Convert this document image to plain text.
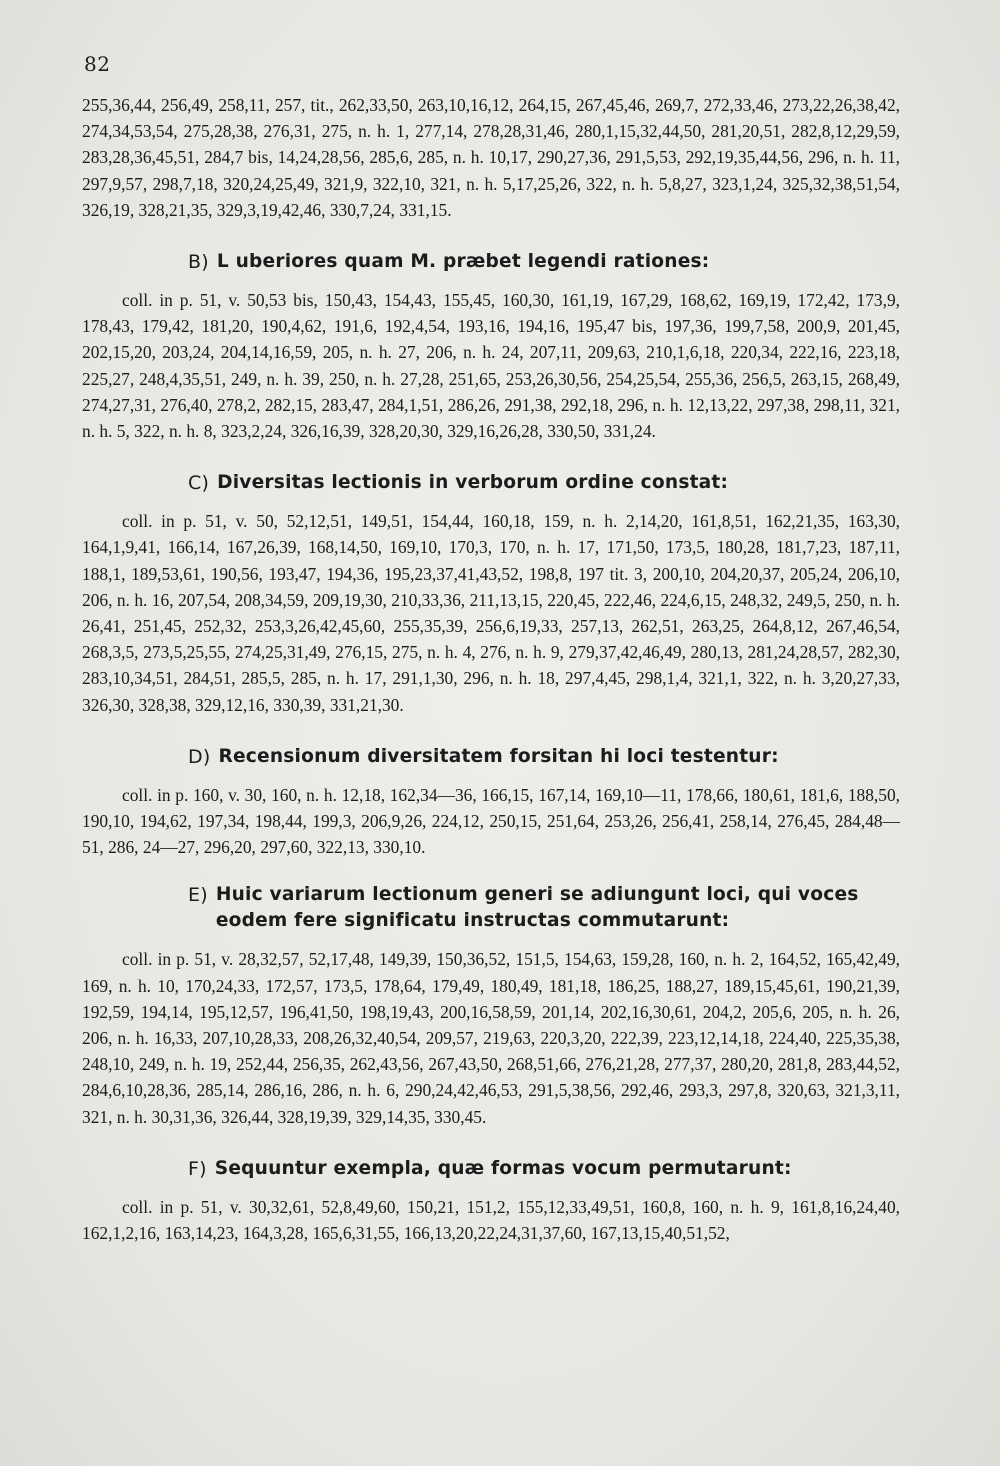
82

255,36,44, 256,49, 258,11, 257, tit., 262,33,50, 263,10,16,12, 264,15, 267,45,46, 269,7, 272,33,46, 273,22,26,38,42, 274,34,53,54, 275,28,38, 276,31, 275, n. h. 1, 277,14, 278,28,31,46, 280,1,15,32,44,50, 281,20,51, 282,8,12,29,59, 283,28,36,45,51, 284,7 bis, 14,24,28,56, 285,6, 285, n. h. 10,17, 290,27,36, 291,5,53, 292,19,35,44,56, 296, n. h. 11, 297,9,57, 298,7,18, 320,24,25,49, 321,9, 322,10, 321, n. h. 5,17,25,26, 322, n. h. 5,8,27, 323,1,24, 325,32,38,51,54, 326,19, 328,21,35, 329,3,19,42,46, 330,7,24, 331,15.

B) L uberiores quam M. præbet legendi rationes:

coll. in p. 51, v. 50,53 bis, 150,43, 154,43, 155,45, 160,30, 161,19, 167,29, 168,62, 169,19, 172,42, 173,9, 178,43, 179,42, 181,20, 190,4,62, 191,6, 192,4,54, 193,16, 194,16, 195,47 bis, 197,36, 199,7,58, 200,9, 201,45, 202,15,20, 203,24, 204,14,16,59, 205, n. h. 27, 206, n. h. 24, 207,11, 209,63, 210,1,6,18, 220,34, 222,16, 223,18, 225,27, 248,4,35,51, 249, n. h. 39, 250, n. h. 27,28, 251,65, 253,26,30,56, 254,25,54, 255,36, 256,5, 263,15, 268,49, 274,27,31, 276,40, 278,2, 282,15, 283,47, 284,1,51, 286,26, 291,38, 292,18, 296, n. h. 12,13,22, 297,38, 298,11, 321, n. h. 5, 322, n. h. 8, 323,2,24, 326,16,39, 328,20,30, 329,16,26,28, 330,50, 331,24.

C) Diversitas lectionis in verborum ordine constat:

coll. in p. 51, v. 50, 52,12,51, 149,51, 154,44, 160,18, 159, n. h. 2,14,20, 161,8,51, 162,21,35, 163,30, 164,1,9,41, 166,14, 167,26,39, 168,14,50, 169,10, 170,3, 170, n. h. 17, 171,50, 173,5, 180,28, 181,7,23, 187,11, 188,1, 189,53,61, 190,56, 193,47, 194,36, 195,23,37,41,43,52, 198,8, 197 tit. 3, 200,10, 204,20,37, 205,24, 206,10, 206, n. h. 16, 207,54, 208,34,59, 209,19,30, 210,33,36, 211,13,15, 220,45, 222,46, 224,6,15, 248,32, 249,5, 250, n. h. 26,41, 251,45, 252,32, 253,3,26,42,45,60, 255,35,39, 256,6,19,33, 257,13, 262,51, 263,25, 264,8,12, 267,46,54, 268,3,5, 273,5,25,55, 274,25,31,49, 276,15, 275, n. h. 4, 276, n. h. 9, 279,37,42,46,49, 280,13, 281,24,28,57, 282,30, 283,10,34,51, 284,51, 285,5, 285, n. h. 17, 291,1,30, 296, n. h. 18, 297,4,45, 298,1,4, 321,1, 322, n. h. 3,20,27,33, 326,30, 328,38, 329,12,16, 330,39, 331,21,30.

D) Recensionum diversitatem forsitan hi loci testentur:

coll. in p. 160, v. 30, 160, n. h. 12,18, 162,34—36, 166,15, 167,14, 169,10—11, 178,66, 180,61, 181,6, 188,50, 190,10, 194,62, 197,34, 198,44, 199,3, 206,9,26, 224,12, 250,15, 251,64, 253,26, 256,41, 258,14, 276,45, 284,48—51, 286, 24—27, 296,20, 297,60, 322,13, 330,10.

E) Huic variarum lectionum generi se adiungunt loci, qui voces eodem fere significatu instructas commutarunt:

coll. in p. 51, v. 28,32,57, 52,17,48, 149,39, 150,36,52, 151,5, 154,63, 159,28, 160, n. h. 2, 164,52, 165,42,49, 169, n. h. 10, 170,24,33, 172,57, 173,5, 178,64, 179,49, 180,49, 181,18, 186,25, 188,27, 189,15,45,61, 190,21,39, 192,59, 194,14, 195,12,57, 196,41,50, 198,19,43, 200,16,58,59, 201,14, 202,16,30,61, 204,2, 205,6, 205, n. h. 26, 206, n. h. 16,33, 207,10,28,33, 208,26,32,40,54, 209,57, 219,63, 220,3,20, 222,39, 223,12,14,18, 224,40, 225,35,38, 248,10, 249, n. h. 19, 252,44, 256,35, 262,43,56, 267,43,50, 268,51,66, 276,21,28, 277,37, 280,20, 281,8, 283,44,52, 284,6,10,28,36, 285,14, 286,16, 286, n. h. 6, 290,24,42,46,53, 291,5,38,56, 292,46, 293,3, 297,8, 320,63, 321,3,11, 321, n. h. 30,31,36, 326,44, 328,19,39, 329,14,35, 330,45.

F) Sequuntur exempla, quæ formas vocum permutarunt:

coll. in p. 51, v. 30,32,61, 52,8,49,60, 150,21, 151,2, 155,12,33,49,51, 160,8, 160, n. h. 9, 161,8,16,24,40, 162,1,2,16, 163,14,23, 164,3,28, 165,6,31,55, 166,13,20,22,24,31,37,60, 167,13,15,40,51,52,
